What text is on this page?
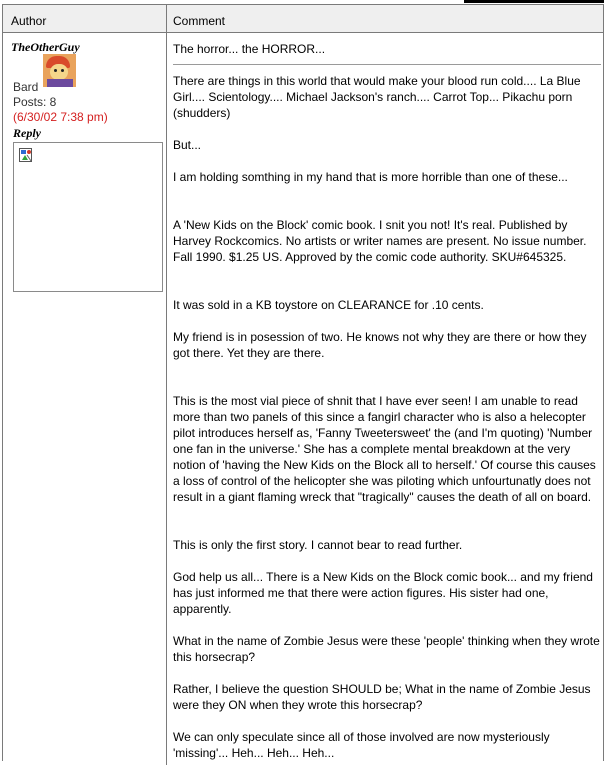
Author	Comment
TheOtherGuy
Bard
Posts: 8
(6/30/02 7:38 pm)
Reply
The horror... the HORROR...
There are things in this world that would make your blood run cold.... La Blue Girl.... Scientology.... Michael Jackson's ranch.... Carrot Top... Pikachu porn (shudders)
But...
I am holding somthing in my hand that is more horrible than one of these...
A 'New Kids on the Block' comic book. I snit you not! It's real. Published by Harvey Rockcomics. No artists or writer names are present. No issue number. Fall 1990. $1.25 US. Approved by the comic code authority. SKU#645325.
It was sold in a KB toystore on CLEARANCE for .10 cents.
My friend is in posession of two. He knows not why they are there or how they got there. Yet they are there.
This is the most vial piece of shnit that I have ever seen! I am unable to read more than two panels of this since a fangirl character who is also a helecopter pilot introduces herself as, 'Fanny Tweetersweet' the (and I'm quoting) 'Number one fan in the universe.' She has a complete mental breakdown at the very notion of 'having the New Kids on the Block all to herself.' Of course this causes a loss of control of the helicopter she was piloting which unfourtunatly does not result in a giant flaming wreck that "tragically" causes the death of all on board.
This is only the first story. I cannot bear to read further.
God help us all... There is a New Kids on the Block comic book... and my friend has just informed me that there were action figures. His sister had one, apparently.
What in the name of Zombie Jesus were these 'people' thinking when they wrote this horsecrap?
Rather, I believe the question SHOULD be; What in the name of Zombie Jesus were they ON when they wrote this horsecrap?
We can only speculate since all of those involved are now mysteriously 'missing'... Heh... Heh... Heh...
